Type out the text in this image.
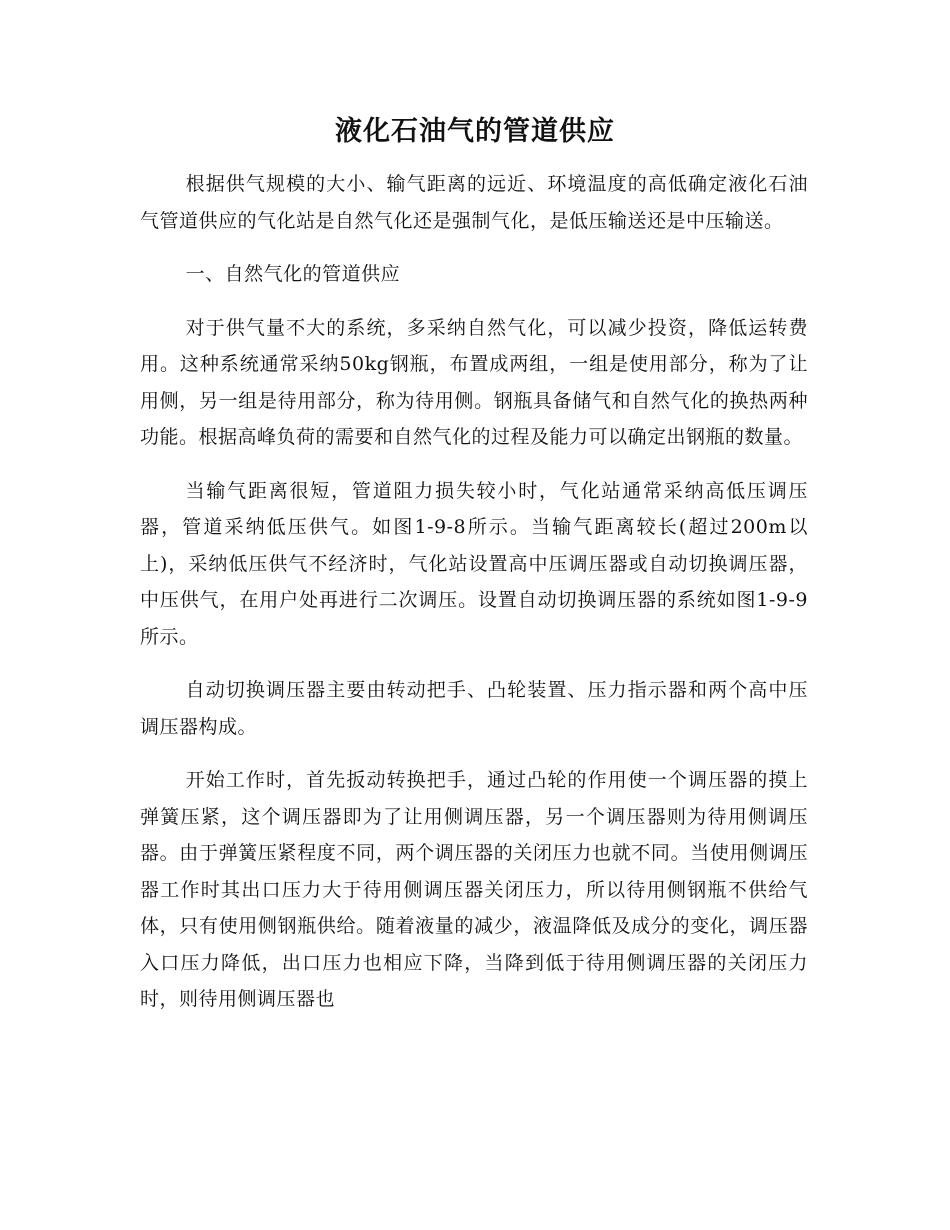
液化石油气的管道供应

根据供气规模的大小、输气距离的远近、环境温度的高低确定液化石油气管道供应的气化站是自然气化还是强制气化，是低压输送还是中压输送。

一、自然气化的管道供应

对于供气量不大的系统，多采纳自然气化，可以减少投资，降低运转费用。这种系统通常采纳50kg钢瓶，布置成两组，一组是使用部分，称为了让用侧，另一组是待用部分，称为待用侧。钢瓶具备储气和自然气化的换热两种功能。根据高峰负荷的需要和自然气化的过程及能力可以确定出钢瓶的数量。

当输气距离很短，管道阻力损失较小时，气化站通常采纳高低压调压器，管道采纳低压供气。如图1-9-8所示。当输气距离较长(超过200m以上)，采纳低压供气不经济时，气化站设置高中压调压器或自动切换调压器，中压供气，在用户处再进行二次调压。设置自动切换调压器的系统如图1-9-9所示。

自动切换调压器主要由转动把手、凸轮装置、压力指示器和两个高中压调压器构成。

开始工作时，首先扳动转换把手，通过凸轮的作用使一个调压器的摸上弹簧压紧，这个调压器即为了让用侧调压器，另一个调压器则为待用侧调压器。由于弹簧压紧程度不同，两个调压器的关闭压力也就不同。当使用侧调压器工作时其出口压力大于待用侧调压器关闭压力，所以待用侧钢瓶不供给气体，只有使用侧钢瓶供给。随着液量的减少，液温降低及成分的变化，调压器入口压力降低，出口压力也相应下降，当降到低于待用侧调压器的关闭压力时，则待用侧调压器也
